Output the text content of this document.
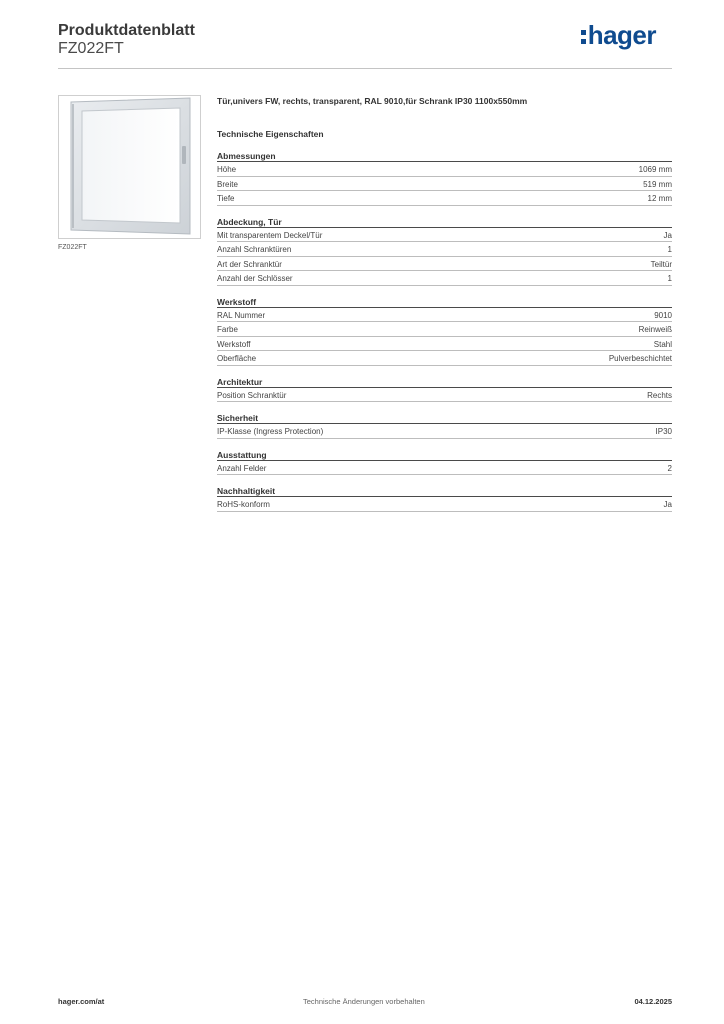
Produktdatenblatt
FZ022FT	hager
FZ022FT
Tür,univers FW, rechts, transparent, RAL 9010,für Schrank IP30 1100x550mm
Technische Eigenschaften
Abmessungen
Höhe	1069 mm
Breite	519 mm
Tiefe	12 mm
Abdeckung, Tür
Mit transparentem Deckel/Tür	Ja
Anzahl Schranktüren	1
Art der Schranktür	Teiltür
Anzahl der Schlösser	1
Werkstoff
RAL Nummer	9010
Farbe	Reinweiß
Werkstoff	Stahl
Oberfläche	Pulverbeschichtet
Architektur
Position Schranktür	Rechts
Sicherheit
IP-Klasse (Ingress Protection)	IP30
Ausstattung
Anzahl Felder	2
Nachhaltigkeit
RoHS-konform	Ja
hager.com/at	Technische Änderungen vorbehalten	04.12.2025
